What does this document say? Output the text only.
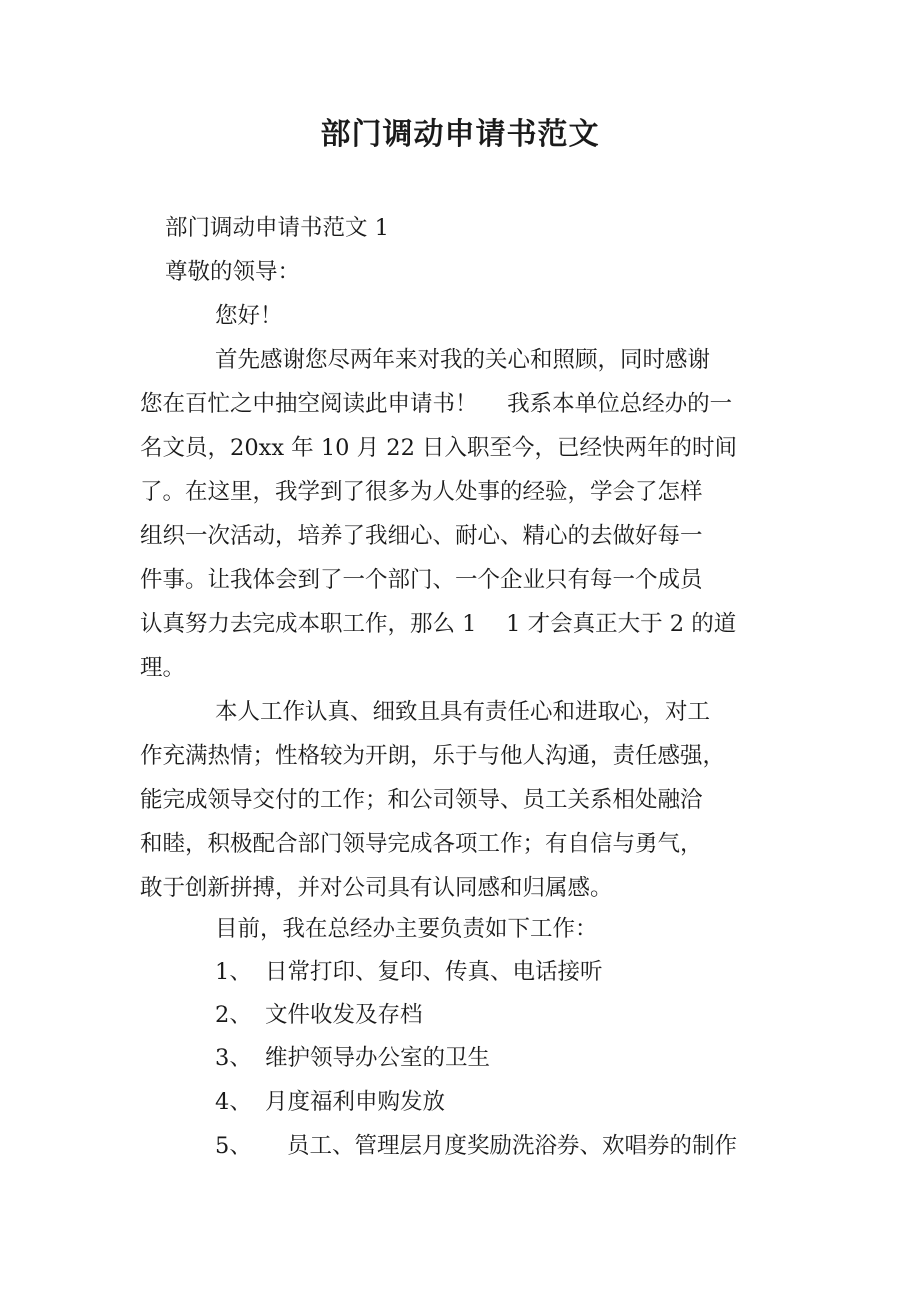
部门调动申请书范文
部门调动申请书范文 1
尊敬的领导：
您好！
首先感谢您尽两年来对我的关心和照顾，同时感谢
您在百忙之中抽空阅读此申请书！　 我系本单位总经办的一
名文员，20xx 年 10 月 22 日入职至今，已经快两年的时间
了。在这里，我学到了很多为人处事的经验，学会了怎样
组织一次活动，培养了我细心、耐心、精心的去做好每一
件事。让我体会到了一个部门、一个企业只有每一个成员
认真努力去完成本职工作，那么 1　 1 才会真正大于 2 的道
理。
本人工作认真、细致且具有责任心和进取心，对工
作充满热情；性格较为开朗，乐于与他人沟通，责任感强，
能完成领导交付的工作；和公司领导、员工关系相处融洽
和睦，积极配合部门领导完成各项工作；有自信与勇气，
敢于创新拼搏，并对公司具有认同感和归属感。
目前，我在总经办主要负责如下工作：
1、 日常打印、复印、传真、电话接听
2、 文件收发及存档
3、 维护领导办公室的卫生
4、 月度福利申购发放
5、 员工、管理层月度奖励洗浴券、欢唱券的制作
